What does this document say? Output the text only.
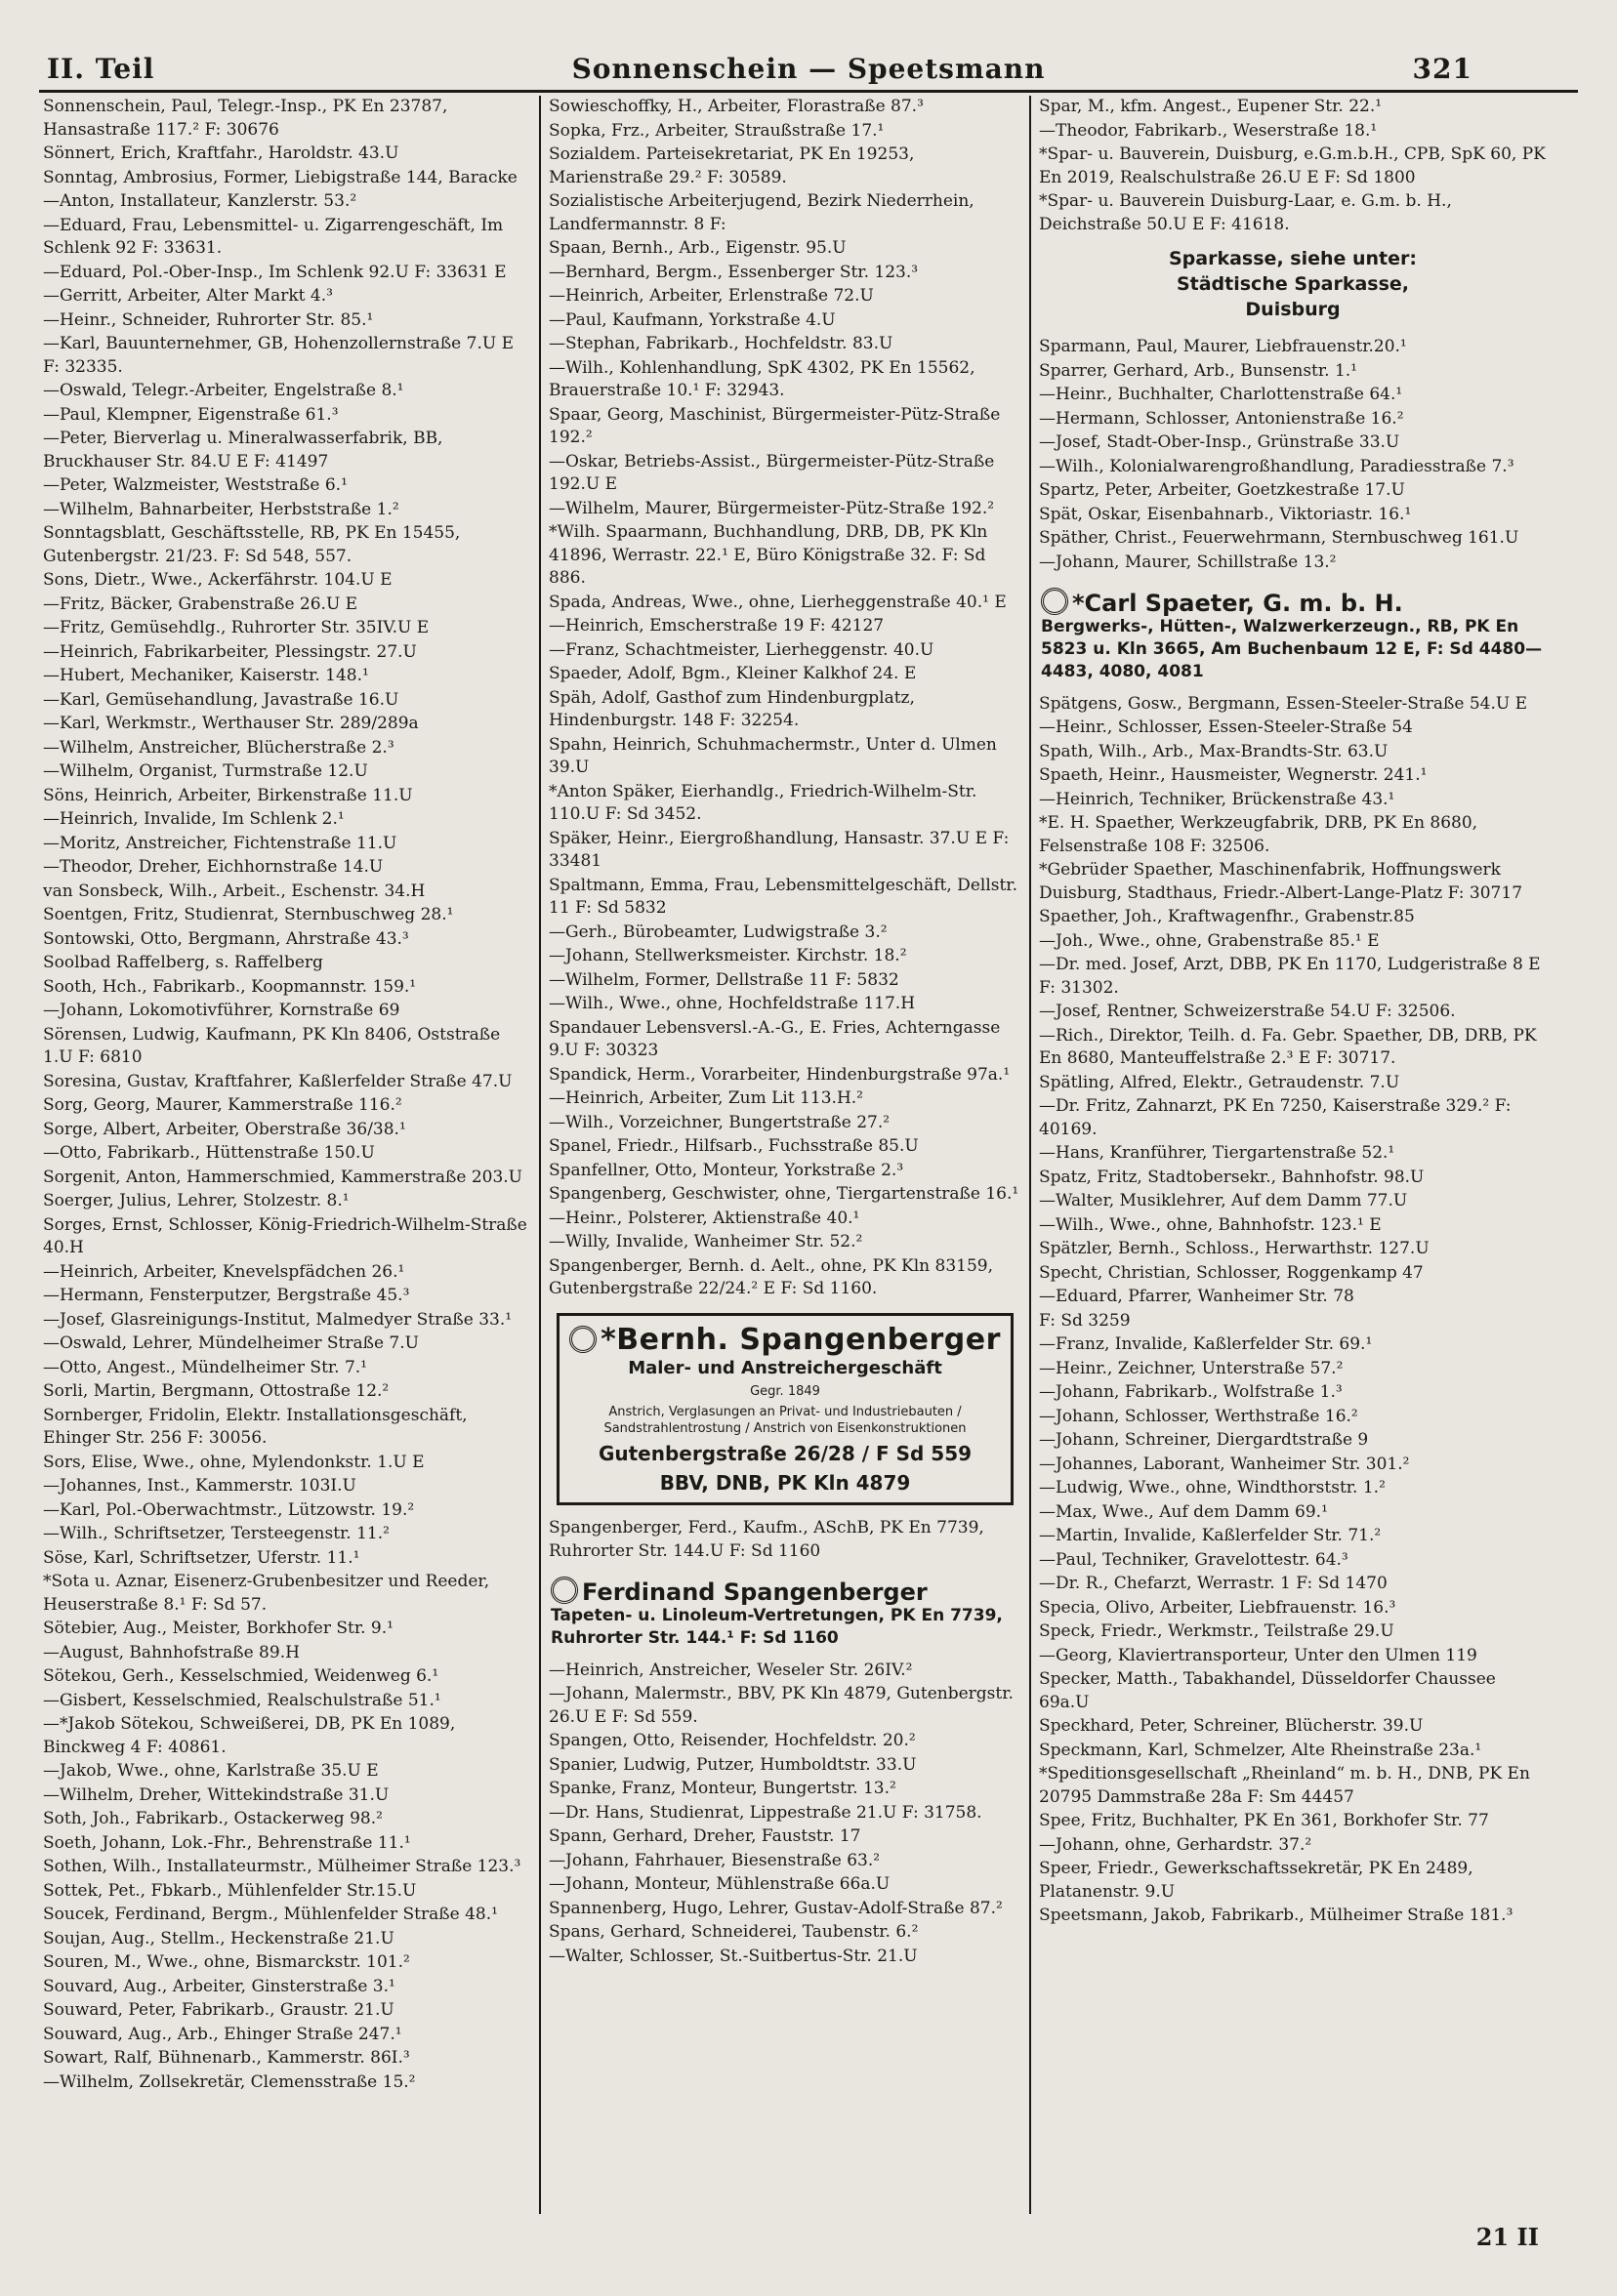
II. Teil	Sonnenschein — Speetsmann	321
Sonnenschein, Paul, Telegr.-Insp., PK En 23787, Hansastraße 117.² F: 30676
Sönnert, Erich, Kraftfahr., Haroldstr. 43.U
Sonntag, Ambrosius, Former, Liebigstraße 144, Baracke
—Anton, Installateur, Kanzlerstr. 53.²
—Eduard, Frau, Lebensmittel- u. Zigarrengeschäft, Im Schlenk 92 F: 33631.
—Eduard, Pol.-Ober-Insp., Im Schlenk 92.U F: 33631 E
—Gerritt, Arbeiter, Alter Markt 4.³
—Heinr., Schneider, Ruhrorter Str. 85.¹
—Karl, Bauunternehmer, GB, Hohenzollernstraße 7.U E F: 32335.
—Oswald, Telegr.-Arbeiter, Engelstraße 8.¹
—Paul, Klempner, Eigenstraße 61.³
—Peter, Bierverlag u. Mineralwasserfabrik, BB, Bruckhauser Str. 84.U E F: 41497
—Peter, Walzmeister, Weststraße 6.¹
—Wilhelm, Bahnarbeiter, Herbststraße 1.²
Sonntagsblatt, Geschäftsstelle, RB, PK En 15455, Gutenbergstr. 21/23. F: Sd 548, 557.
Sons, Dietr., Wwe., Ackerfährstr. 104.U E
—Fritz, Bäcker, Grabenstraße 26.U E
—Fritz, Gemüsehdlg., Ruhrorter Str. 35IV.U E
—Heinrich, Fabrikarbeiter, Plessingstr. 27.U
—Hubert, Mechaniker, Kaiserstr. 148.¹
—Karl, Gemüsehandlung, Javastraße 16.U
—Karl, Werkmstr., Werthauser Str. 289/289a
—Wilhelm, Anstreicher, Blücherstraße 2.³
—Wilhelm, Organist, Turmstraße 12.U
Söns, Heinrich, Arbeiter, Birkenstraße 11.U
—Heinrich, Invalide, Im Schlenk 2.¹
—Moritz, Anstreicher, Fichtenstraße 11.U
—Theodor, Dreher, Eichhornstraße 14.U
van Sonsbeck, Wilh., Arbeit., Eschenstr. 34.H
Soentgen, Fritz, Studienrat, Sternbuschweg 28.¹
Sontowski, Otto, Bergmann, Ahrstraße 43.³
Soolbad Raffelberg, s. Raffelberg
Sooth, Hch., Fabrikarb., Koopmannstr. 159.¹
—Johann, Lokomotivführer, Kornstraße 69
Sörensen, Ludwig, Kaufmann, PK Kln 8406, Oststraße 1.U F: 6810
Soresina, Gustav, Kraftfahrer, Kaßlerfelder Straße 47.U
Sorg, Georg, Maurer, Kammerstraße 116.²
Sorge, Albert, Arbeiter, Oberstraße 36/38.¹
—Otto, Fabrikarb., Hüttenstraße 150.U
Sorgenit, Anton, Hammerschmied, Kammerstraße 203.U
Soerger, Julius, Lehrer, Stolzestr. 8.¹
Sorges, Ernst, Schlosser, König-Friedrich-Wilhelm-Straße 40.H
—Heinrich, Arbeiter, Knevelspfädchen 26.¹
—Hermann, Fensterputzer, Bergstraße 45.³
—Josef, Glasreinigungs-Institut, Malmedyer Straße 33.¹
—Oswald, Lehrer, Mündelheimer Straße 7.U
—Otto, Angest., Mündelheimer Str. 7.¹
Sorli, Martin, Bergmann, Ottostraße 12.²
Sornberger, Fridolin, Elektr. Installationsgeschäft, Ehinger Str. 256 F: 30056.
Sors, Elise, Wwe., ohne, Mylendonkstr. 1.U E
—Johannes, Inst., Kammerstr. 103I.U
—Karl, Pol.-Oberwachtmstr., Lützowstr. 19.²
—Wilh., Schriftsetzer, Tersteegenstr. 11.²
Söse, Karl, Schriftsetzer, Uferstr. 11.¹
*Sota u. Aznar, Eisenerz-Grubenbesitzer und Reeder, Heuserstraße 8.¹ F: Sd 57.
Sötebier, Aug., Meister, Borkhofer Str. 9.¹
—August, Bahnhofstraße 89.H
Sötekou, Gerh., Kesselschmied, Weidenweg 6.¹
—Gisbert, Kesselschmied, Realschulstraße 51.¹
—*Jakob Sötekou, Schweißerei, DB, PK En 1089, Binckweg 4 F: 40861.
—Jakob, Wwe., ohne, Karlstraße 35.U E
—Wilhelm, Dreher, Wittekindstraße 31.U
Soth, Joh., Fabrikarb., Ostackerweg 98.²
Soeth, Johann, Lok.-Fhr., Behrenstraße 11.¹
Sothen, Wilh., Installateurmstr., Mülheimer Straße 123.³
Sottek, Pet., Fbkarb., Mühlenfelder Str.15.U
Soucek, Ferdinand, Bergm., Mühlenfelder Straße 48.¹
Soujan, Aug., Stellm., Heckenstraße 21.U
Souren, M., Wwe., ohne, Bismarckstr. 101.²
Souvard, Aug., Arbeiter, Ginsterstraße 3.¹
Souward, Peter, Fabrikarb., Graustr. 21.U
Souward, Aug., Arb., Ehinger Straße 247.¹
Sowart, Ralf, Bühnenarb., Kammerstr. 86I.³
—Wilhelm, Zollsekretär, Clemensstraße 15.²
Sowieschoffky, H., Arbeiter, Florastraße 87.³
Sopka, Frz., Arbeiter, Straußstraße 17.¹
Sozialdem. Parteisekretariat, PK En 19253, Marienstraße 29.² F: 30589.
Sozialistische Arbeiterjugend, Bezirk Niederrhein, Landfermannstr. 8 F:
Spaan, Bernh., Arb., Eigenstr. 95.U
—Bernhard, Bergm., Essenberger Str. 123.³
—Heinrich, Arbeiter, Erlenstraße 72.U
—Paul, Kaufmann, Yorkstraße 4.U
—Stephan, Fabrikarb., Hochfeldstr. 83.U
—Wilh., Kohlenhandlung, SpK 4302, PK En 15562, Brauerstraße 10.¹ F: 32943.
Spaar, Georg, Maschinist, Bürgermeister-Pütz-Straße 192.²
—Oskar, Betriebs-Assist., Bürgermeister-Pütz-Straße 192.U E
—Wilhelm, Maurer, Bürgermeister-Pütz-Straße 192.²
*Wilh. Spaarmann, Buchhandlung, DRB, DB, PK Kln 41896, Werrastr. 22.¹ E, Büro Königstraße 32. F: Sd 886.
Spada, Andreas, Wwe., ohne, Lierheggenstraße 40.¹ E
—Heinrich, Emscherstraße 19 F: 42127
—Franz, Schachtmeister, Lierheggenstr. 40.U
Spaeder, Adolf, Bgm., Kleiner Kalkhof 24. E
Späh, Adolf, Gasthof zum Hindenburgplatz, Hindenburgstr. 148 F: 32254.
Spahn, Heinrich, Schuhmachermstr., Unter d. Ulmen 39.U
*Anton Späker, Eierhandlg., Friedrich-Wilhelm-Str. 110.U F: Sd 3452.
Späker, Heinr., Eiergroßhandlung, Hansastr. 37.U E F: 33481
Spaltmann, Emma, Frau, Lebensmittelgeschäft, Dellstr. 11 F: Sd 5832
—Gerh., Bürobeamter, Ludwigstraße 3.²
—Johann, Stellwerksmeister. Kirchstr. 18.²
—Wilhelm, Former, Dellstraße 11 F: 5832
—Wilh., Wwe., ohne, Hochfeldstraße 117.H
Spandauer Lebensversl.-A.-G., E. Fries, Achterngasse 9.U F: 30323
Spandick, Herm., Vorarbeiter, Hindenburgstraße 97a.¹
—Heinrich, Arbeiter, Zum Lit 113.H.²
—Wilh., Vorzeichner, Bungertstraße 27.²
Spanel, Friedr., Hilfsarb., Fuchsstraße 85.U
Spanfellner, Otto, Monteur, Yorkstraße 2.³
Spangenberg, Geschwister, ohne, Tiergartenstraße 16.¹
—Heinr., Polsterer, Aktienstraße 40.¹
—Willy, Invalide, Wanheimer Str. 52.²
Spangenberger, Bernh. d. Aelt., ohne, PK Kln 83159, Gutenbergstraße 22/24.² E F: Sd 1160.
*Bernh. Spangenberger
Maler- und Anstreichergeschäft
Gegr. 1849
Anstrich, Verglasungen an Privat- und Industriebauten / Sandstrahlentrostung / Anstrich von Eisenkonstruktionen
Gutenbergstraße 26/28 / F Sd 559
BBV, DNB, PK Kln 4879
Spangenberger, Ferd., Kaufm., ASchB, PK En 7739, Ruhrorter Str. 144.U F: Sd 1160
Ferdinand Spangenberger
Tapeten- u. Linoleum-Vertretungen, PK En 7739, Ruhrorter Str. 144.¹ F: Sd 1160
—Heinrich, Anstreicher, Weseler Str. 26IV.²
—Johann, Malermstr., BBV, PK Kln 4879, Gutenbergstr. 26.U E F: Sd 559.
Spangen, Otto, Reisender, Hochfeldstr. 20.²
Spanier, Ludwig, Putzer, Humboldtstr. 33.U
Spanke, Franz, Monteur, Bungertstr. 13.²
—Dr. Hans, Studienrat, Lippestraße 21.U F: 31758.
Spann, Gerhard, Dreher, Fauststr. 17
—Johann, Fahrhauer, Biesenstraße 63.²
—Johann, Monteur, Mühlenstraße 66a.U
Spannenberg, Hugo, Lehrer, Gustav-Adolf-Straße 87.²
Spans, Gerhard, Schneiderei, Taubenstr. 6.²
—Walter, Schlosser, St.-Suitbertus-Str. 21.U
Spar, M., kfm. Angest., Eupener Str. 22.¹
—Theodor, Fabrikarb., Weserstraße 18.¹
*Spar- u. Bauverein, Duisburg, e.G.m.b.H., CPB, SpK 60, PK En 2019, Realschulstraße 26.U E F: Sd 1800
*Spar- u. Bauverein Duisburg-Laar, e. G.m. b. H., Deichstraße 50.U E F: 41618.
Sparkasse, siehe unter:
Städtische Sparkasse,
Duisburg
Sparmann, Paul, Maurer, Liebfrauenstr.20.¹
Sparrer, Gerhard, Arb., Bunsenstr. 1.¹
—Heinr., Buchhalter, Charlottenstraße 64.¹
—Hermann, Schlosser, Antonienstraße 16.²
—Josef, Stadt-Ober-Insp., Grünstraße 33.U
—Wilh., Kolonialwarengroßhandlung, Paradiesstraße 7.³
Spartz, Peter, Arbeiter, Goetzkestraße 17.U
Spät, Oskar, Eisenbahnarb., Viktoriastr. 16.¹
Späther, Christ., Feuerwehrmann, Sternbuschweg 161.U
—Johann, Maurer, Schillstraße 13.²
*Carl Spaeter, G. m. b. H.
Bergwerks-, Hütten-, Walzwerkerzeugn., RB, PK En 5823 u. Kln 3665, Am Buchenbaum 12 E, F: Sd 4480—4483, 4080, 4081
Spätgens, Gosw., Bergmann, Essen-Steeler-Straße 54.U E
—Heinr., Schlosser, Essen-Steeler-Straße 54
Spath, Wilh., Arb., Max-Brandts-Str. 63.U
Spaeth, Heinr., Hausmeister, Wegnerstr. 241.¹
—Heinrich, Techniker, Brückenstraße 43.¹
*E. H. Spaether, Werkzeugfabrik, DRB, PK En 8680, Felsenstraße 108 F: 32506.
*Gebrüder Spaether, Maschinenfabrik, Hoffnungswerk Duisburg, Stadthaus, Friedr.-Albert-Lange-Platz F: 30717
Spaether, Joh., Kraftwagenfhr., Grabenstr.85
—Joh., Wwe., ohne, Grabenstraße 85.¹ E
—Dr. med. Josef, Arzt, DBB, PK En 1170, Ludgeristraße 8 E F: 31302.
—Josef, Rentner, Schweizerstraße 54.U F: 32506.
—Rich., Direktor, Teilh. d. Fa. Gebr. Spaether, DB, DRB, PK En 8680, Manteuffelstraße 2.³ E F: 30717.
Spätling, Alfred, Elektr., Getraudenstr. 7.U
—Dr. Fritz, Zahnarzt, PK En 7250, Kaiserstraße 329.² F: 40169.
—Hans, Kranführer, Tiergartenstraße 52.¹
Spatz, Fritz, Stadtobersekr., Bahnhofstr. 98.U
—Walter, Musiklehrer, Auf dem Damm 77.U
—Wilh., Wwe., ohne, Bahnhofstr. 123.¹ E
Spätzler, Bernh., Schloss., Herwarthstr. 127.U
Specht, Christian, Schlosser, Roggenkamp 47
—Eduard, Pfarrer, Wanheimer Str. 78
F: Sd 3259
—Franz, Invalide, Kaßlerfelder Str. 69.¹
—Heinr., Zeichner, Unterstraße 57.²
—Johann, Fabrikarb., Wolfstraße 1.³
—Johann, Schlosser, Werthstraße 16.²
—Johann, Schreiner, Diergardtstraße 9
—Johannes, Laborant, Wanheimer Str. 301.²
—Ludwig, Wwe., ohne, Windthorststr. 1.²
—Max, Wwe., Auf dem Damm 69.¹
—Martin, Invalide, Kaßlerfelder Str. 71.²
—Paul, Techniker, Gravelottestr. 64.³
—Dr. R., Chefarzt, Werrastr. 1 F: Sd 1470
Specia, Olivo, Arbeiter, Liebfrauenstr. 16.³
Speck, Friedr., Werkmstr., Teilstraße 29.U
—Georg, Klaviertransporteur, Unter den Ulmen 119
Specker, Matth., Tabakhandel, Düsseldorfer Chaussee 69a.U
Speckhard, Peter, Schreiner, Blücherstr. 39.U
Speckmann, Karl, Schmelzer, Alte Rheinstraße 23a.¹
*Speditionsgesellschaft „Rheinland“ m. b. H., DNB, PK En 20795 Dammstraße 28a F: Sm 44457
Spee, Fritz, Buchhalter, PK En 361, Borkhofer Str. 77
—Johann, ohne, Gerhardstr. 37.²
Speer, Friedr., Gewerkschaftssekretär, PK En 2489, Platanenstr. 9.U
Speetsmann, Jakob, Fabrikarb., Mülheimer Straße 181.³
21 II
